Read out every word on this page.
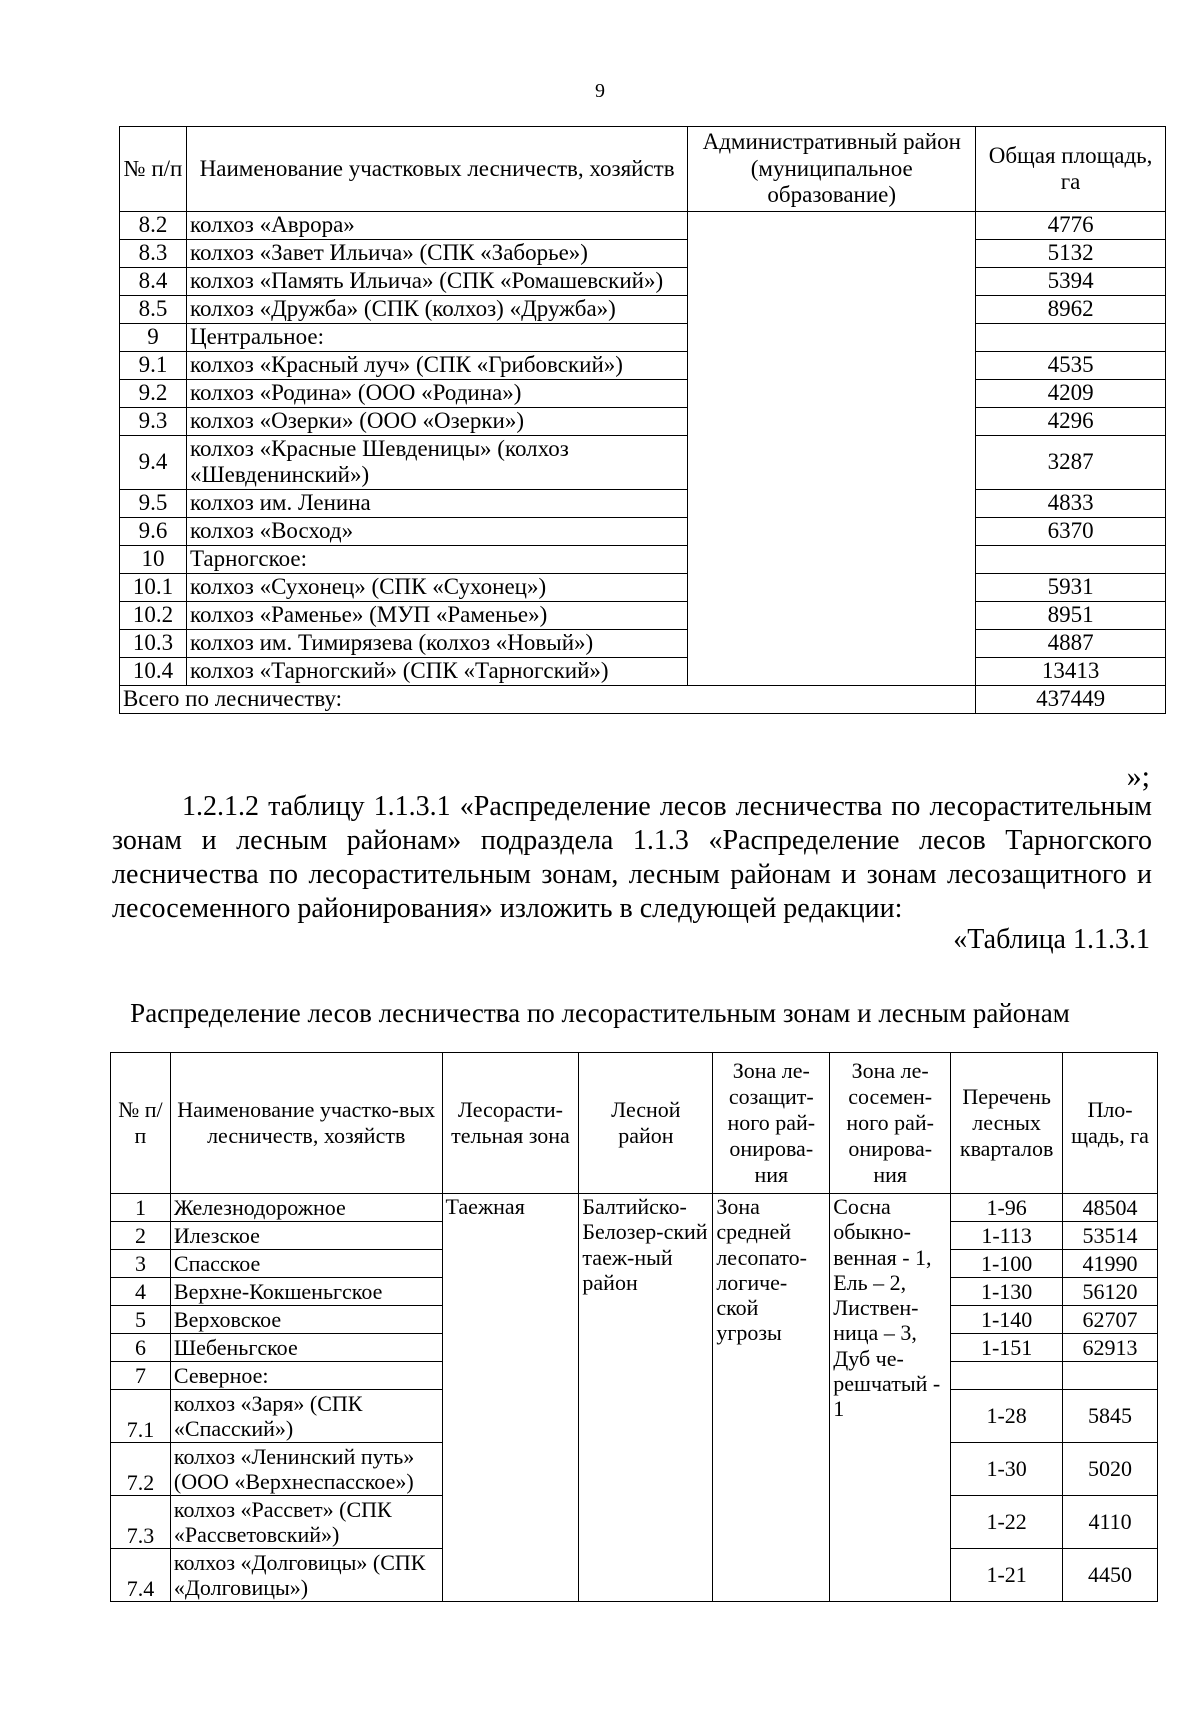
9
№ п/п	Наименование участковых лесничеств, хозяйств	Административный район (муниципальное образование)	Общая площадь, га
8.2	колхоз «Аврора»		4776
8.3	колхоз «Завет Ильича» (СПК «Заборье»)		5132
8.4	колхоз «Память Ильича» (СПК «Ромашевский»)		5394
8.5	колхоз «Дружба» (СПК (колхоз) «Дружба»)		8962
9	Центральное:		
9.1	колхоз «Красный луч» (СПК «Грибовский»)		4535
9.2	колхоз «Родина» (ООО «Родина»)		4209
9.3	колхоз «Озерки» (ООО «Озерки»)		4296
9.4	колхоз «Красные Шевденицы» (колхоз «Шевденинский»)		3287
9.5	колхоз им. Ленина		4833
9.6	колхоз «Восход»		6370
10	Тарногское:		
10.1	колхоз «Сухонец» (СПК «Сухонец»)		5931
10.2	колхоз «Раменье» (МУП «Раменье»)		8951
10.3	колхоз им. Тимирязева (колхоз «Новый»)		4887
10.4	колхоз «Тарногский» (СПК «Тарногский»)		13413
Всего по лесничеству:			437449
»;
1.2.1.2 таблицу 1.1.3.1 «Распределение лесов лесничества по лесорастительным зонам и лесным районам» подраздела 1.1.3 «Распределение лесов Тарногского лесничества по лесорастительным зонам, лесным районам и зонам лесозащитного и лесосеменного районирования» изложить в следующей редакции:
«Таблица 1.1.3.1
Распределение лесов лесничества по лесорастительным зонам и лесным районам
№ п/п	Наименование участко-вых лесничеств, хозяйств	Лесорасти-тельная зона	Лесной район	Зона ле-созащит-ного рай-онирова-ния	Зона ле-сосемен-ного рай-онирова-ния	Перечень лесных кварталов	Пло-щадь, га
1	Железнодорожное	Таежная	Балтийско-Белозер-ский таеж-ный район	Зона средней лесопато-логиче-ской угрозы	Сосна обыкно-венная - 1, Ель – 2, Листвен-ница – 3, Дуб че-решчатый - 1	1-96	48504
2	Илезское					1-113	53514
3	Спасское					1-100	41990
4	Верхне-Кокшеньгское					1-130	56120
5	Верховское					1-140	62707
6	Шебеньгское					1-151	62913
7	Северное:						
7.1	колхоз «Заря» (СПК «Спасский»)					1-28	5845
7.2	колхоз «Ленинский путь» (ООО «Верхнеспасское»)					1-30	5020
7.3	колхоз «Рассвет» (СПК «Рассветовский»)					1-22	4110
7.4	колхоз «Долговицы» (СПК «Долговицы»)					1-21	4450
